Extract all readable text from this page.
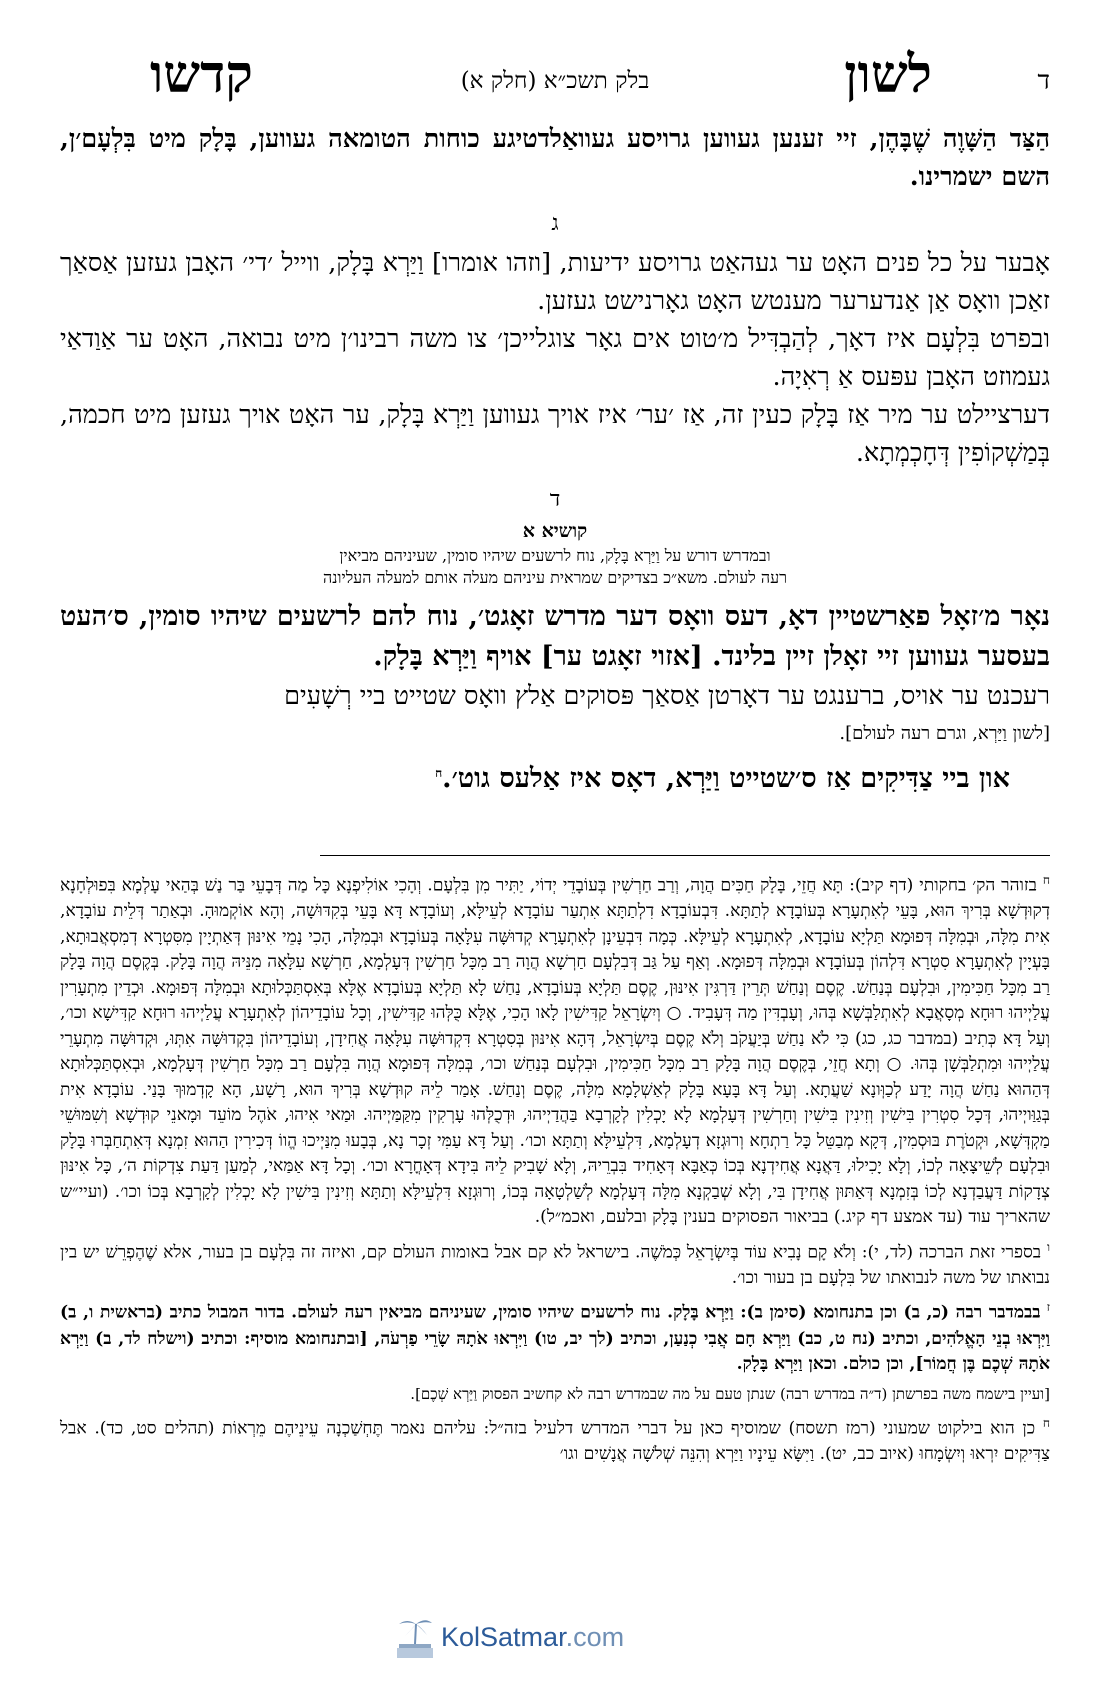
ד
לשון
בלק תשכ״א (חלק א)
קדשו

הַצַּד הַשָּׁוֶה שֶׁבָּהֶן, זיי זענען געווען גרויסע געוואַלדטיגע כוחות הטומאה געווען, בָּלָק מיט בִּלְעָם׳ן, השם ישמרינו.

ג

אָבער על כל פנים האָט ער געהאַט גרויסע ידיעות, [וזהו אומרו] וַיַּרְא בָּלָק, ווייל ׳די׳ האָבן געזען אַסאַך זאַכן וואָס אַן אַנדערער מענטש האָט גאָרנישט געזען.

ובפרט בִּלְעָם איז דאָך, לְהַבְדִּיל מ׳טוט אים גאָר צוגלייכן׳ צו משה רבינו׳ן מיט נבואה, האָט ער אַוַדאַי געמוזט האָבן עפּעס אַ רְאִיָה.

דערציילט ער מיר אַז בָּלָק כעין זה, אַז ׳ער׳ איז אויך געווען וַיַּרְא בָּלָק, ער האָט אויך געזען מיט חכמה, בְּמַשְׁקוֹפִין דְּחָכְמְתָא.

ד

קושיא א

ובמדרש דורש על וַיַּרְא בָּלָק, נוח לרשעים שיהיו סומין, שעיניהם מביאין
רעה לעולם. משא״כ בצדיקים שמראית עיניהם מעלה אותם למעלה העליונה

נאָר מ׳זאָל פאַרשטיין דאָ, דעס וואָס דער מדרש זאָגט׳, נוח להם לרשעים שיהיו סומין, ס׳העט בעסער געווען זיי זאָלן זיין בלינד. [אזוי זאָגט ער] אויף וַיַּרְא בָּלָק.

רעכנט ער אויס, ברענגט ער דאָרטן אַסאַך פּסוקים אַלץ וואָס שטייט ביי רְשָׁעִים

[לשון וַיַּרְא, וגרם רעה לעולם].

און ביי צַדִּיקִים אַז ס׳שטייט וַיַּרְא, דאָס איז אַלעס גוט׳.$^ח$

$^ח$ בזוהר הק׳ בחקותי (דף קיב): תָּא חֲזֵי, בָּלָק חַכִּים הֲוָה, וְרַב חַרְשִׁין בְּעוֹבָדֵי יְדוֹי, יַתִּיר מִן בִּלְעָם. וְהָכִי אוֹלִיפְנָא כָּל מַה דְּבָעֵי בַּר נַשׁ בְּהַאי עָלְמָא בִּפוּלְחָנָא דְקוּדְשָׁא בְּרִיךְ הוּא, בָּעֵי לְאִתְעָרָא בְּעוֹבָדָא לְתַתָּא. דִּבְעוֹבָדָא דִלְתַתָּא אִתְעַר עוֹבָדָא לְעֵילָּא, וְעוֹבָדָא דָּא בָּעֵי בְּקִדּוּשָׁה, וְהָא אוֹקְמוּהָ. וּבְאַתַר דְּלֵית עוֹבָדָא, אִית מִלָּה, וּבְמִלָּה דְּפוּמָא תַּלְיָא עוֹבָדָא, לְאִתְעָרָא לְעֵילָּא. כְּמָה דִּבְעֵינָן לְאִתְעָרָא קְדוּשָּׁה עִלָּאָה בְּעוֹבָדָא וּבְמִלָּה, הָכִי נָמֵי אִינּוּן דְּאַתְיָין מִסִּטְרָא דְמִסְאֲבוּתָא, בָּעְיָין לְאִתְעָרָא סִטְרָא דִּלְהוֹן בְּעוֹבָדָא וּבְמִלָּה דְּפוּמָא. וְאַף עַל גַּב דְּבִלְעָם חַרְשָׁא הֲוָה רַב מִכָּל חַרְשִׁין דְּעָלְמָא, חַרְשָׁא עִלָּאָה מִנֵּיהּ הֲוָה בָּלָק. בְּקֶסֶם הֲוָה בָּלָק רַב מִכָּל חַכִּימִין, וּבִלְעָם בְּנַחַשׁ. קֶסֶם וְנַחַשׁ תְּרֵין דַּרְגִּין אִינּוּן, קֶסֶם תַּלְיָא בְּעוֹבָדָא, נַחַשׁ לָא תַּלְיָא בְּעוֹבָדָא אֶלָּא בְּאִסְתַּכְּלוּתָא וּבְמִלָּה דְּפוּמָא. וּכְדֵין מִתְעָרִין עֲלַיְיהוּ רוּחָא מְסָאֲבָא לְאִתְלַבְּשָׁא בְּהוּ, וְעָבְדִּין מַה דְּעָבִיד. ○ וְיִשְׂרָאֵל קַדִּישִׁין לָאו הָכִי, אֶלָּא כֻּלְּהוּ קַדִּישִׁין, וְכָל עוֹבָדֵיהוֹן לְאִתְעָרָא עֲלַיְיהוּ רוּחָא קַדִּישָׁא וכו׳, וְעַל דָּא כְּתִיב (במדבר כג, כג) כִּי לֹא נַחַשׁ בְּיַעֲקֹב וְלֹא קֶסֶם בְּיִשְׂרָאֵל, דְּהָא אִינּוּן בְּסִטְרָא דִּקְדוּשָּׁה עִלָּאָה אֲחִידָן, וְעוֹבָדֵיהוֹן בִּקְדוּשָּׁה אִתְּוּ, וּקְדוּשָּׁה מִתְעָרֵי עֲלַיְיהוּ וּמִתְלַבְּשָׁן בְּהוּ. ○ וְתָא חֲזֵי, בְּקֶסֶם הֲוָה בָּלָק רַב מִכָּל חַכִּימִין, וּבִלְעָם בְּנַחַשׁ וכו׳, בְּמִלָּה דְּפוּמָא הֲוָה בִּלְעָם רַב מִכָּל חַרְשִׁין דְּעָלְמָא, וּבְאִסְתַּכְּלוּתָא דְּהַהוּא נַחַשׁ הֲוָה יָדַע לְכַוְּונָא שַׁעֲתָא. וְעַל דָּא בָּעָא בָּלָק לְאַשְׁלָמָא מִלָּה, קֶסֶם וְנַחַשׁ. אָמַר לֵיהּ קוּדְשָׁא בְּרִיךְ הוּא, רָשָׁע, הָא קָדְמוּךְ בָּנַי. עוֹבָדָא אִית בְּגַוַּויְיהוּ, דְּכָל סִטְרִין בִּישִׁין וְזִינִין בִּישִׁין וְחַרְשִׁין דְּעָלְמָא לָא יָכְלִין לְקָרְבָא בַּהֲדַיְיהוּ, וּדְכֻלְּהוּ עָרְקִין מִקַּמַּיְיהוּ. וּמַאי אִיהוּ, אֹהֶל מוֹעֵד וּמָאנֵי קוּדְשָׁא וְשִׁמּוּשֵׁי מַקְדְּשָׁא, וּקְטֹרֶת בּוּסְמִין, דְּקָא מְבַטֵּל כָּל רַתְחָא וְרוּגְזָא דְעָלְמָא, דִּלְעֵילָּא וְתַתָּא וכו׳. וְעַל דָּא עַמִּי זְכָר נָא, בְּבָעוּ מִנַּיְיכוּ הֱווֹ דְּכִירִין הַהוּא זִמְנָא דְּאִתְחַבְּרוּ בָּלָק וּבִלְעָם לְשֵׁיצָאָה לְכוֹ, וְלָא יָכִילוּ, דַּאֲנָא אֲחִידְנָא בְּכוֹ כְּאַבָּא דְּאָחִיד בִּבְרֵיהּ, וְלָא שָׁבִיק לֵיהּ בִּידָא דְּאָחֳרָא וכו׳. וְכָל דָּא אַמַּאי, לְמַעַן דַּעַת צִדְקוֹת ה׳, כָּל אִינּוּן צְדָקוֹת דַּעֲבַדְנָא לְכוֹ בְּזִמְנָא דְּאַתּוּן אֲחִידָן בִּי, וְלָא שְׁבַקְנָא מִלָּה דְּעָלְמָא לְשַׁלְטָאָה בְּכוֹ, וְרוּגְזָא דִּלְעֵילָּא וְתַתָּא וְזִינִין בִּישִׁין לָא יָכְלִין לְקָרְבָא בְּכוֹ וכו׳. (ועיי״ש שהאריך עוד (עד אמצע דף קיג.) בביאור הפסוקים בענין בָּלָק ובלעם, ואכמ״ל).

$^ו$ בספרי זאת הברכה (לד, י): וְלֹא קָם נָבִיא עוֹד בְּיִשְׂרָאֵל כְּמֹשֶׁה. בישראל לא קם אבל באומות העולם קם, ואיזה זה בִּלְעָם בן בעור, אלא שֶׁהֶפְרֵשׁ יש בין נבואתו של משה לנבואתו של בִּלְעָם בן בעור וכו׳.

$^ז$ בבמדבר רבה (כ, ב) וכן בתנחומא (סימן ב): וַיַּרְא בָּלָק. נוח לרשעים שיהיו סומין, שעיניהם מביאין רעה לעולם. בדור המבול כתיב (בראשית ו, ב) וַיִּרְאוּ בְנֵי הָאֱלֹהִים, וכתיב (נח ט, כב) וַיַּרְא חָם אֲבִי כְנַעַן, וכתיב (לך יב, טו) וַיִּרְאוּ אֹתָהּ שָׂרֵי פַרְעֹה, [ובתנחומא מוסיף: וכתיב (וישלח לד, ב) וַיַּרְא אֹתָהּ שְׁכֶם בֶּן חֲמוֹר], וכן כולם. וכאן וַיַּרְא בָּלָק.

[ועיין בישמח משה בפרשתן (ד״ה במדרש רבה) שנתן טעם על מה שבמדרש רבה לא קחשיב הפסוק וַיַּרְא שְׁכֶם].

$^ח$ כן הוא בילקוט שמעוני (רמז תשסח) שמוסיף כאן על דברי המדרש דלעיל בזה״ל: עליהם נאמר תֶּחְשַׁכְנָה עֵינֵיהֶם מֵרְאוֹת (תהלים סט, כד). אבל צַדִּיקִים יִרְאוּ וְיִשְׂמָחוּ (איוב כב, יט). וַיִּשָּׂא עֵינָיו וַיַּרְא וְהִנֵּה שְׁלֹשָׁה אֲנָשִׁים וגו׳

KolSatmar.com
